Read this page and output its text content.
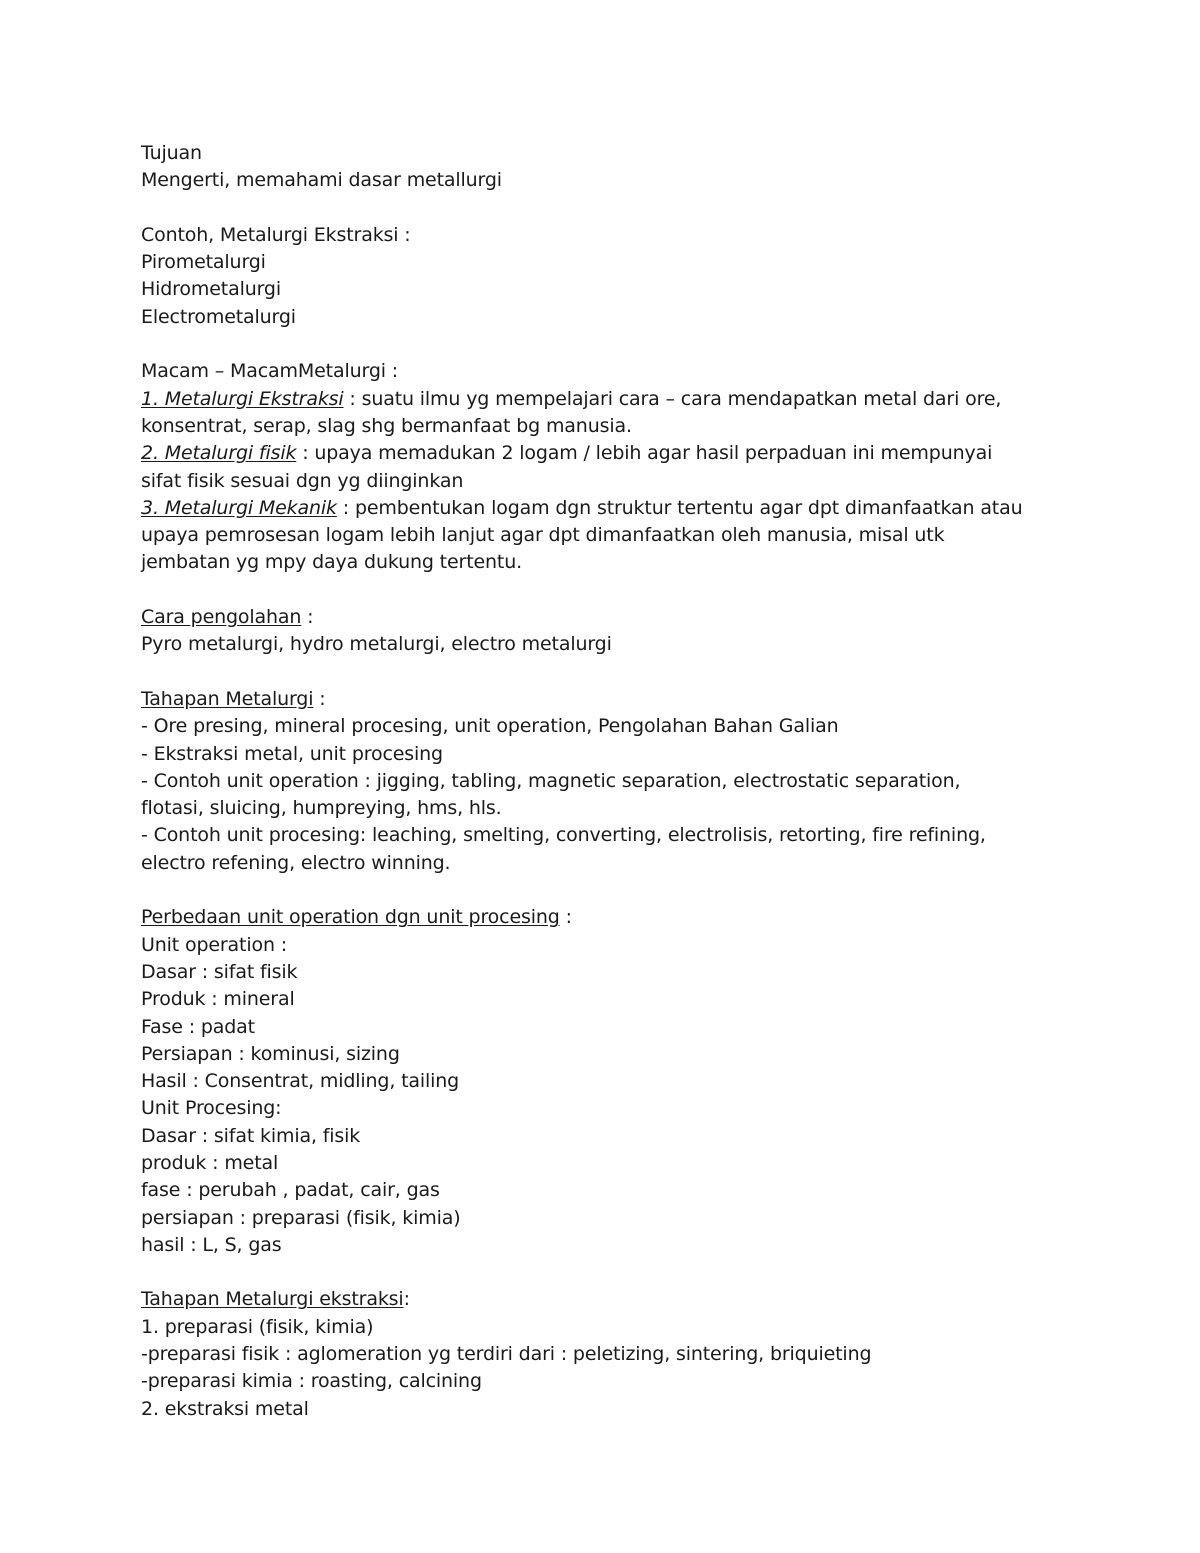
Tujuan
Mengerti, memahami dasar metallurgi
Contoh, Metalurgi Ekstraksi :
Pirometalurgi
Hidrometalurgi
Electrometalurgi
Macam – MacamMetalurgi :
1. Metalurgi Ekstraksi : suatu ilmu yg mempelajari cara – cara mendapatkan metal dari ore,
konsentrat, serap, slag shg bermanfaat bg manusia.
2. Metalurgi fisik : upaya memadukan 2 logam / lebih agar hasil perpaduan ini mempunyai
sifat fisik sesuai dgn yg diinginkan
3. Metalurgi Mekanik : pembentukan logam dgn struktur tertentu agar dpt dimanfaatkan atau
upaya pemrosesan logam lebih lanjut agar dpt dimanfaatkan oleh manusia, misal utk
jembatan yg mpy daya dukung tertentu.
Cara pengolahan :
Pyro metalurgi, hydro metalurgi, electro metalurgi
Tahapan Metalurgi :
- Ore presing, mineral procesing, unit operation, Pengolahan Bahan Galian
- Ekstraksi metal, unit procesing
- Contoh unit operation : jigging, tabling, magnetic separation, electrostatic separation,
flotasi, sluicing, humpreying, hms, hls.
- Contoh unit procesing: leaching, smelting, converting, electrolisis, retorting, fire refining,
electro refening, electro winning.
Perbedaan unit operation dgn unit procesing :
Unit operation :
Dasar : sifat fisik
Produk : mineral
Fase : padat
Persiapan : kominusi, sizing
Hasil : Consentrat, midling, tailing
Unit Procesing:
Dasar : sifat kimia, fisik
produk : metal
fase : perubah , padat, cair, gas
persiapan : preparasi (fisik, kimia)
hasil : L, S, gas
Tahapan Metalurgi ekstraksi:
1. preparasi (fisik, kimia)
-preparasi fisik : aglomeration yg terdiri dari : peletizing, sintering, briquieting
-preparasi kimia : roasting, calcining
2. ekstraksi metal
